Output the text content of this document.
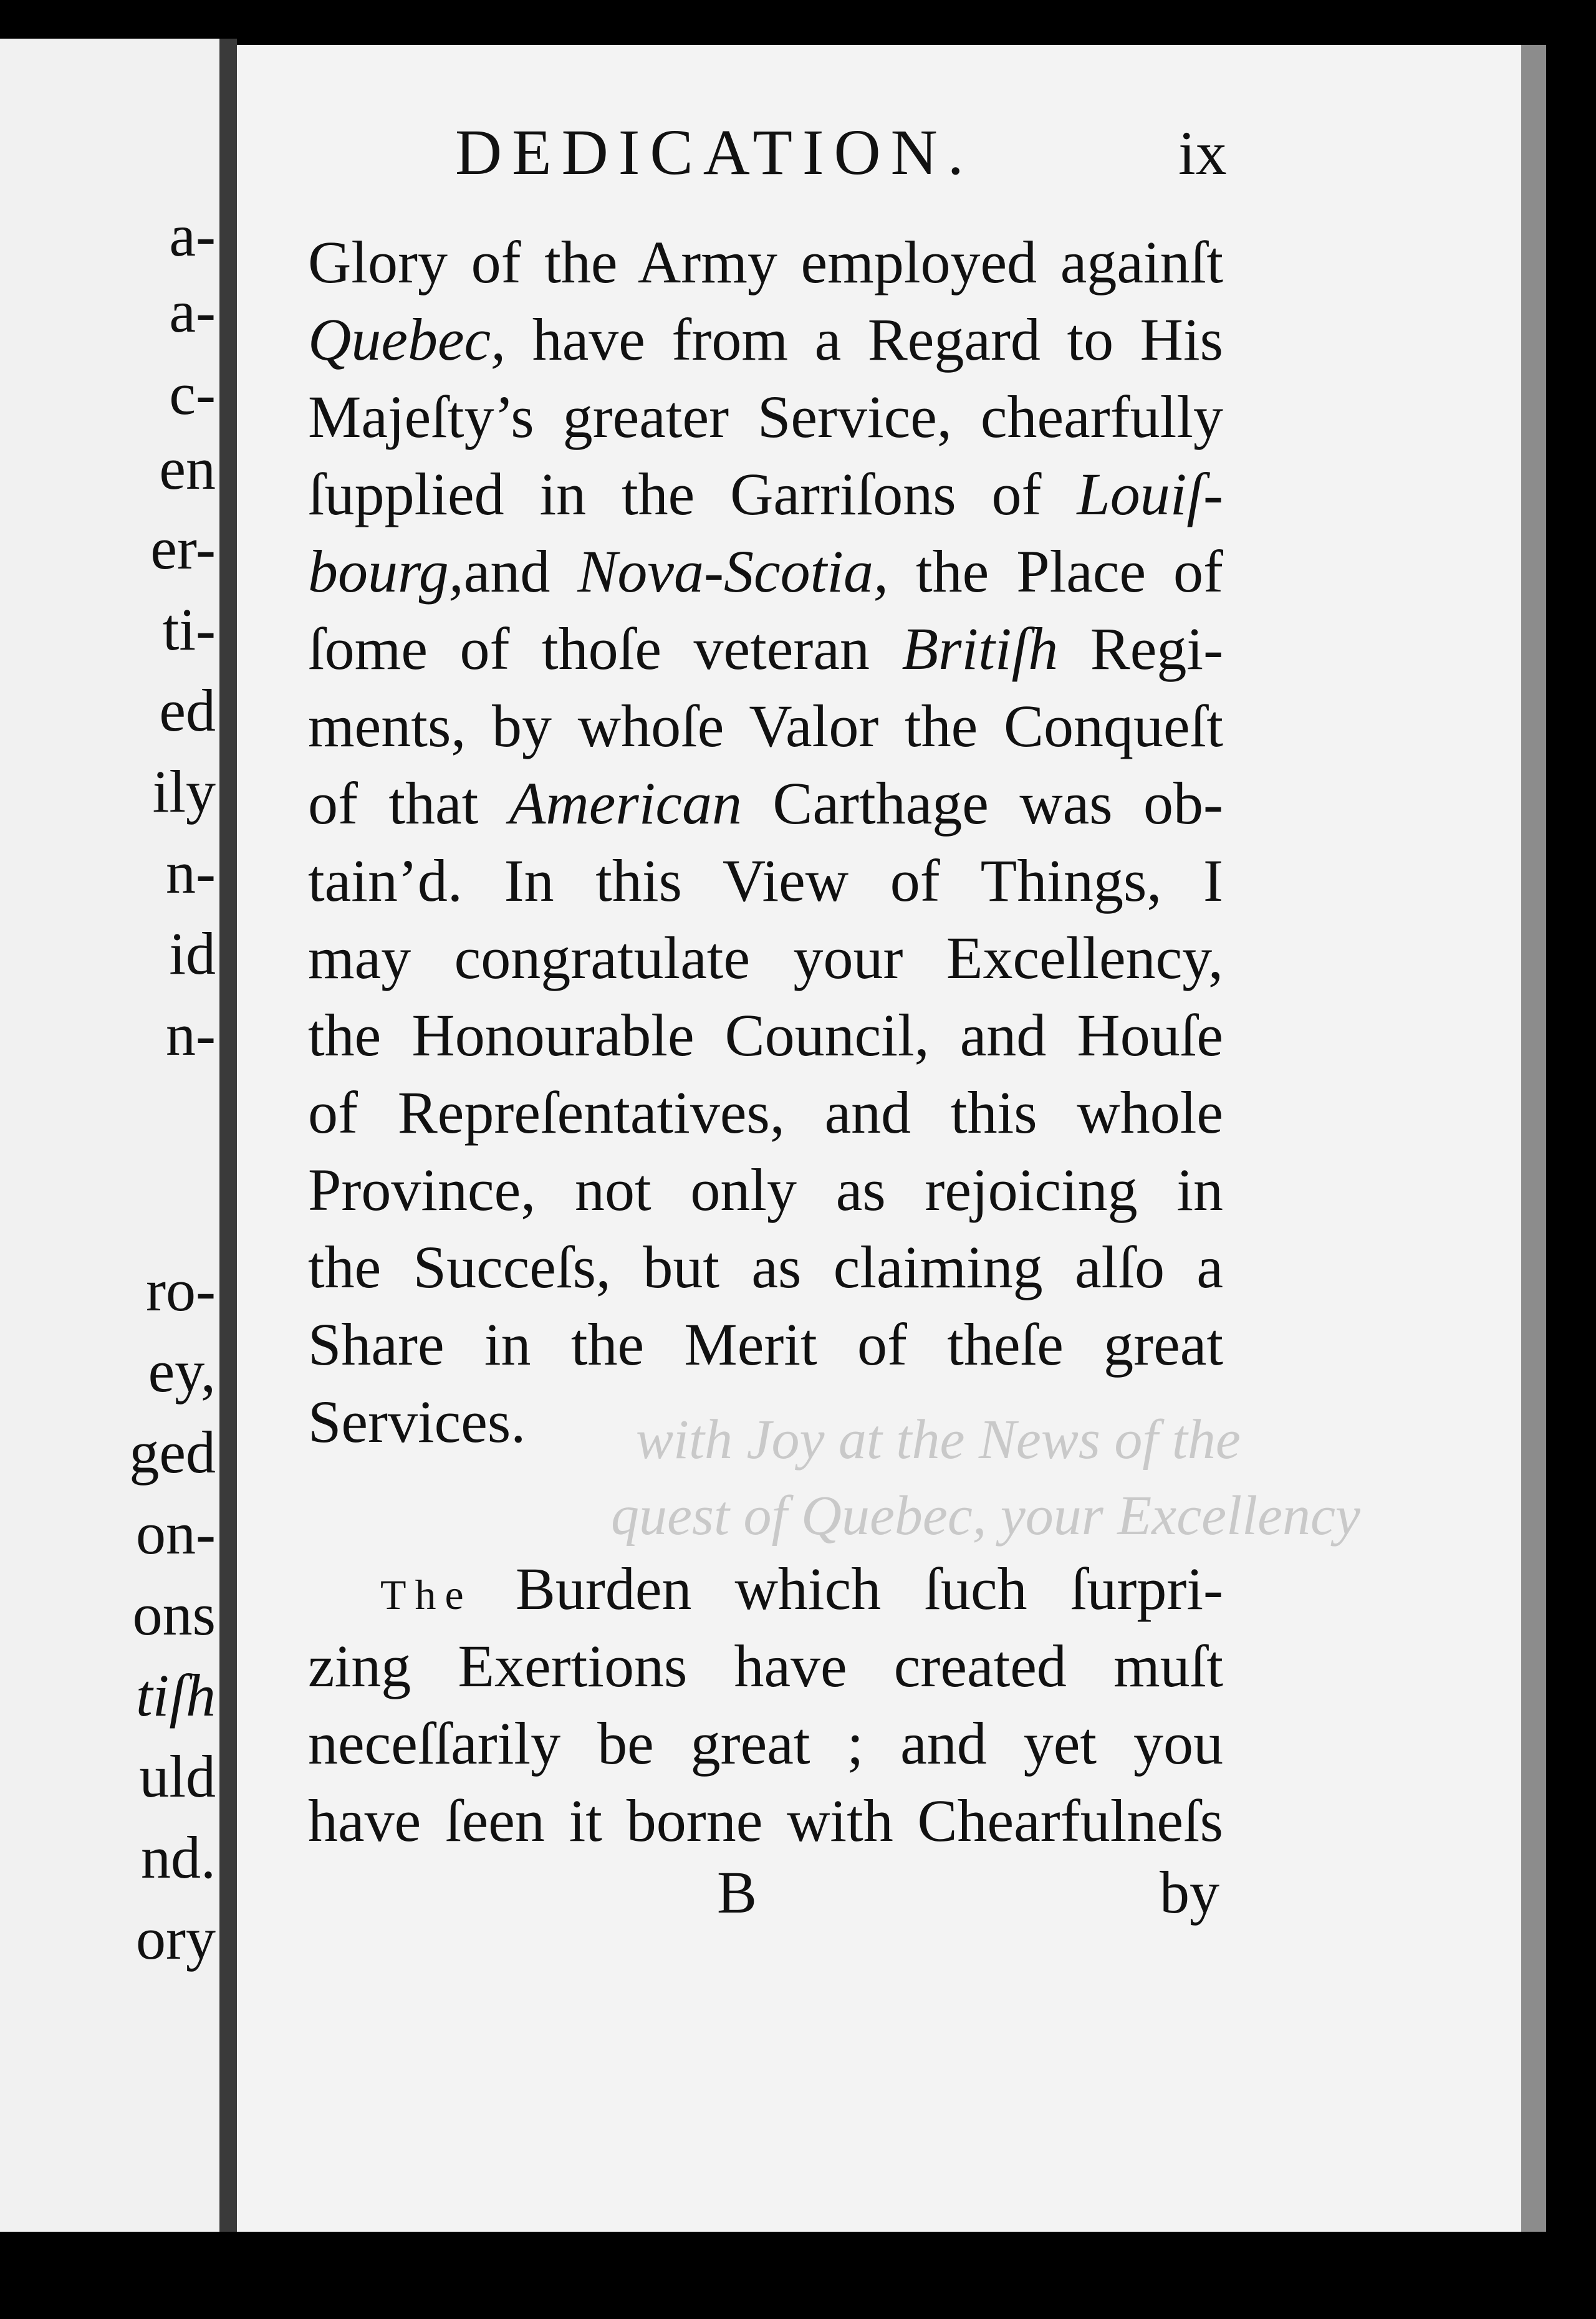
a-
a-
c-
en
er-
ti-
ed
ily
n-
id
n-
ro-
ey,
ged
on-
ons
tiſh
uld
nd.
ory
with Joy at the News of the
quest of Quebec, your Excellency
DEDICATION.	ix
Glory of the Army employed againſt
Quebec, have from a Regard to His
Majeſty’s greater Service, chearfully
ſupplied in the Garriſons of Louiſ-
bourg,and Nova-Scotia, the Place of
ſome of thoſe veteran Britiſh Regi-
ments, by whoſe Valor the Conqueſt
of that American Carthage was ob-
tain’d. In this View of Things, I
may congratulate your Excellency,
the Honourable Council, and Houſe
of Repreſentatives, and this whole
Province, not only as rejoicing in
the Succeſs, but as claiming alſo a
Share in the Merit of theſe great
Services.
The Burden which ſuch ſurpri-
zing Exertions have created muſt
neceſſarily be great ; and yet you
have ſeen it borne with Chearfulneſs
B	by
